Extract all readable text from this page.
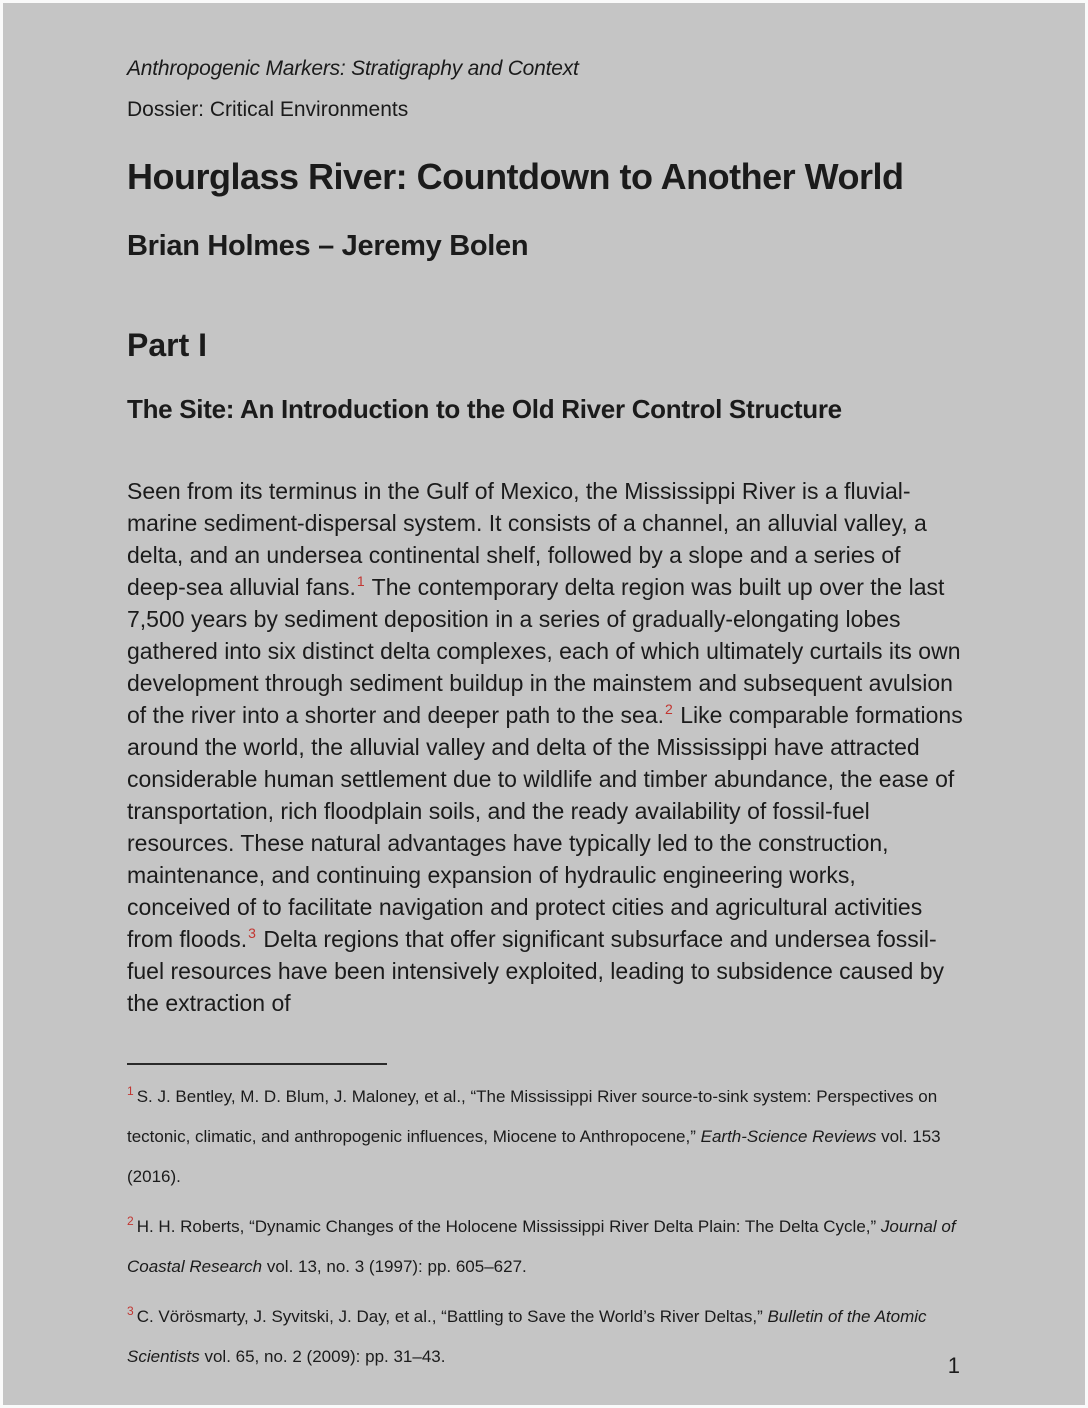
Anthropogenic Markers: Stratigraphy and Context

Dossier: Critical Environments

Hourglass River: Countdown to Another World
Brian Holmes – Jeremy Bolen
Part I
The Site: An Introduction to the Old River Control Structure

Seen from its terminus in the Gulf of Mexico, the Mississippi River is a fluvial-marine sediment-dispersal system. It consists of a channel, an alluvial valley, a delta, and an undersea continental shelf, followed by a slope and a series of deep-sea alluvial fans.$^1$ The contemporary delta region was built up over the last 7,500 years by sediment deposition in a series of gradually-elongating lobes gathered into six distinct delta complexes, each of which ultimately curtails its own development through sediment buildup in the mainstem and subsequent avulsion of the river into a shorter and deeper path to the sea.$^2$ Like comparable formations around the world, the alluvial valley and delta of the Mississippi have attracted considerable human settlement due to wildlife and timber abundance, the ease of transportation, rich floodplain soils, and the ready availability of fossil-fuel resources. These natural advantages have typically led to the construction, maintenance, and continuing expansion of hydraulic engineering works, conceived of to facilitate navigation and protect cities and agricultural activities from floods.$^3$ Delta regions that offer significant subsurface and undersea fossil-fuel resources have been intensively exploited, leading to subsidence caused by the extraction of

$^1$ S. J. Bentley, M. D. Blum, J. Maloney, et al., “The Mississippi River source-to-sink system: Perspectives on tectonic, climatic, and anthropogenic influences, Miocene to Anthropocene,” Earth-Science Reviews vol. 153 (2016).

$^2$ H. H. Roberts, “Dynamic Changes of the Holocene Mississippi River Delta Plain: The Delta Cycle,” Journal of Coastal Research vol. 13, no. 3 (1997): pp. 605–627.

$^3$ C. Vörösmarty, J. Syvitski, J. Day, et al., “Battling to Save the World’s River Deltas,” Bulletin of the Atomic Scientists vol. 65, no. 2 (2009): pp. 31–43.	1
